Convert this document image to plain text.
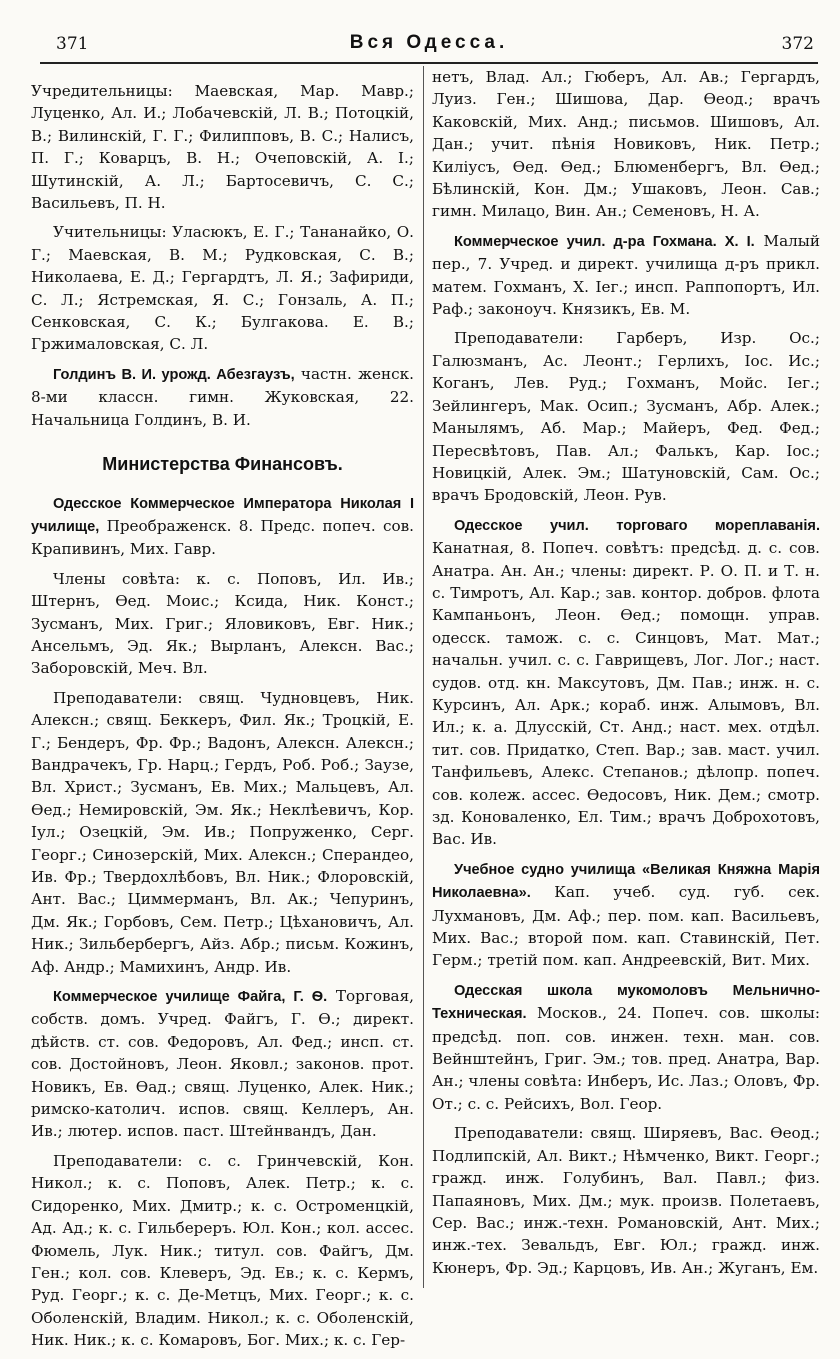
371	Вся Одесса.	372

Учредительницы: Маевская, Мар. Мавр.; Луценко, Ал. И.; Лобачевскiй, Л. В.; Потоцкiй, В.; Вилинскiй, Г. Г.; Филипповъ, В. С.; Налисъ, П. Г.; Коварцъ, В. Н.; Очеповскiй, А. I.; Шутинскiй, А. Л.; Бартосевичъ, С. С.; Васильевъ, П. Н.

Учительницы: Уласюкъ, Е. Г.; Тананайко, О. Г.; Маевская, В. М.; Рудковская, С. В.; Николаева, Е. Д.; Гергардтъ, Л. Я.; Зафириди, С. Л.; Ястремская, Я. С.; Гонзаль, А. П.; Сенковская, С. К.; Булгакова. Е. В.; Гржималовская, С. Л.

Голдинъ В. И. урожд. Абезгаузъ, частн. женск. 8-ми классн. гимн. Жуковская, 22. Начальница Голдинъ, В. И.

Министерства Финансовъ.

Одесское Коммерческое Императора Николая I училище, Преображенск. 8. Предс. попеч. сов. Крапивинъ, Мих. Гавр.

Члены совѣта: к. с. Поповъ, Ил. Ив.; Штернъ, Ѳед. Моис.; Ксида, Ник. Конст.; Зусманъ, Мих. Григ.; Яловиковъ, Евг. Ник.; Ансельмъ, Эд. Як.; Вырланъ, Алексн. Вас.; Заборовскiй, Меч. Вл.

Преподаватели: свящ. Чудновцевъ, Ник. Алексн.; свящ. Беккеръ, Фил. Як.; Троцкiй, Е. Г.; Бендеръ, Фр. Фр.; Вадонъ, Алексн. Алексн.; Вандрачекъ, Гр. Нарц.; Гердъ, Роб. Роб.; Заузе, Вл. Христ.; Зусманъ, Ев. Мих.; Мальцевъ, Ал. Ѳед.; Немировскiй, Эм. Як.; Неклѣевичъ, Кор. Iул.; Озецкiй, Эм. Ив.; Попруженко, Серг. Георг.; Синозерскiй, Мих. Алексн.; Сперандео, Ив. Фр.; Твердохлѣбовъ, Вл. Ник.; Флоровскiй, Ант. Вас.; Циммерманъ, Вл. Ак.; Чепуринъ, Дм. Як.; Горбовъ, Сем. Петр.; Цѣхановичъ, Ал. Ник.; Зильбербергъ, Айз. Абр.; письм. Кожинъ, Аф. Андр.; Мамихинъ, Андр. Ив.

Коммерческое училище Файга, Г. Ѳ. Торговая, собств. домъ. Учред. Файгъ, Г. Ѳ.; директ. дѣйств. ст. сов. Федоровъ, Ал. Фед.; инсп. ст. сов. Достойновъ, Леон. Яковл.; законов. прот. Новикъ, Ев. Ѳад.; свящ. Луценко, Алек. Ник.; римско-католич. испов. свящ. Келлеръ, Ан. Ив.; лютер. испов. паст. Штейнвандъ, Дан.

Преподаватели: с. с. Гринчевскiй, Кон. Никол.; к. с. Поповъ, Алек. Петр.; к. с. Сидоренко, Мих. Дмитр.; к. с. Остроменцкiй, Ад. Ад.; к. с. Гильбереръ. Юл. Кон.; кол. ассес. Фюмель, Лук. Ник.; титул. сов. Файгъ, Дм. Ген.; кол. сов. Клеверъ, Эд. Ев.; к. с. Кермъ, Руд. Георг.; к. с. Де-Метцъ, Мих. Георг.; к. с. Оболенскiй, Владим. Никол.; к. с. Оболенскiй, Ник. Ник.; к. с. Комаровъ, Бог. Мих.; к. с. Гер-

нетъ, Влад. Ал.; Гюберъ, Ал. Ав.; Гергардъ, Луиз. Ген.; Шишова, Дар. Ѳеод.; врачъ Каковскiй, Мих. Анд.; письмов. Шишовъ, Ал. Дан.; учит. пѣнiя Новиковъ, Ник. Петр.; Килiусъ, Ѳед. Ѳед.; Блюменбергъ, Вл. Ѳед.; Бѣлинскiй, Кон. Дм.; Ушаковъ, Леон. Сав.; гимн. Милацо, Вин. Ан.; Семеновъ, Н. А.

Коммерческое учил. д-ра Гохмана. Х. I. Малый пер., 7. Учред. и директ. училища д-ръ прикл. матем. Гохманъ, Х. Iег.; инсп. Раппопортъ, Ил. Раф.; законоуч. Князикъ, Ев. М.

Преподаватели: Гарберъ, Изр. Ос.; Галюзманъ, Ас. Леонт.; Герлихъ, Iос. Ис.; Коганъ, Лев. Руд.; Гохманъ, Мойс. Iег.; Зейлингеръ, Мак. Осип.; Зусманъ, Абр. Алек.; Манылямъ, Аб. Мар.; Майеръ, Фед. Фед.; Пересвѣтовъ, Пав. Ал.; Фалькъ, Кар. Iос.; Новицкiй, Алек. Эм.; Шатуновскiй, Сам. Ос.; врачъ Бродовскiй, Леон. Рув.

Одесское учил. торговаго мореплаванiя. Канатная, 8. Попеч. совѣтъ: предсѣд. д. с. сов. Анатра. Ан. Ан.; члены: директ. Р. О. П. и Т. н. с. Тимротъ, Ал. Кар.; зав. контор. добров. флота Кампаньонъ, Леон. Ѳед.; помощн. управ. одесск. тамож. с. с. Синцовъ, Мат. Мат.; начальн. учил. с. с. Гаврищевъ, Лог. Лог.; наст. судов. отд. кн. Максутовъ, Дм. Пав.; инж. н. с. Курсинъ, Ал. Арк.; кораб. инж. Алымовъ, Вл. Ил.; к. а. Длусскiй, Ст. Анд.; наст. мех. отдѣл. тит. сов. Придатко, Степ. Вар.; зав. маст. учил. Танфильевъ, Алекс. Степанов.; дѣлопр. попеч. сов. колеж. ассес. Ѳедосовъ, Ник. Дем.; смотр. зд. Коноваленко, Ел. Тим.; врачъ Доброхотовъ, Вас. Ив.

Учебное судно училища «Великая Княжна Марiя Николаевна». Кап. учеб. суд. губ. сек. Лухмановъ, Дм. Аф.; пер. пом. кап. Васильевъ, Мих. Вас.; второй пом. кап. Ставинскiй, Пет. Герм.; третiй пом. кап. Андреевскiй, Вит. Мих.

Одесская школа мукомоловъ Мельнично-Техническая. Москов., 24. Попеч. сов. школы: предсѣд. поп. сов. инжен. техн. ман. сов. Вейнштейнъ, Григ. Эм.; тов. пред. Анатра, Вар. Ан.; члены совѣта: Инберъ, Ис. Лаз.; Оловъ, Фр. От.; с. с. Рейсихъ, Вол. Геор.

Преподаватели: свящ. Ширяевъ, Вас. Ѳеод.; Подлипскiй, Ал. Викт.; Нѣмченко, Викт. Георг.; гражд. инж. Голубинъ, Вал. Павл.; физ. Папаяновъ, Мих. Дм.; мук. произв. Полетаевъ, Сер. Вас.; инж.-техн. Романовскiй, Ант. Мих.; инж.-тех. Зевальдъ, Евг. Юл.; гражд. инж. Кюнеръ, Фр. Эд.; Карцовъ, Ив. Ан.; Жуганъ, Ем.
